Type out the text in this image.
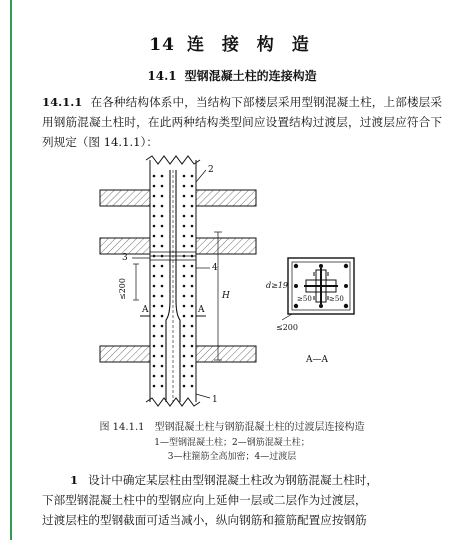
14 连 接 构 造
14.1 型钢混凝土柱的连接构造
14.1.1 在各种结构体系中，当结构下部楼层采用型钢混凝土柱，上部楼层采用钢筋混凝土柱时，在此两种结构类型间应设置结构过渡层，过渡层应符合下列规定（图 14.1.1）：
2
3
4
1
H
≤200
A	A
d≥19
≥50 ≥50
≤200
A—A
图 14.1.1 型钢混凝土柱与钢筋混凝土柱的过渡层连接构造
1—型钢混凝土柱；2—钢筋混凝土柱；
3—柱箍筋全高加密；4—过渡层
1 设计中确定某层柱由型钢混凝土柱改为钢筋混凝土柱时，
下部型钢混凝土柱中的型钢应向上延伸一层或二层作为过渡层，
过渡层柱的型钢截面可适当减小，纵向钢筋和箍筋配置应按钢筋
